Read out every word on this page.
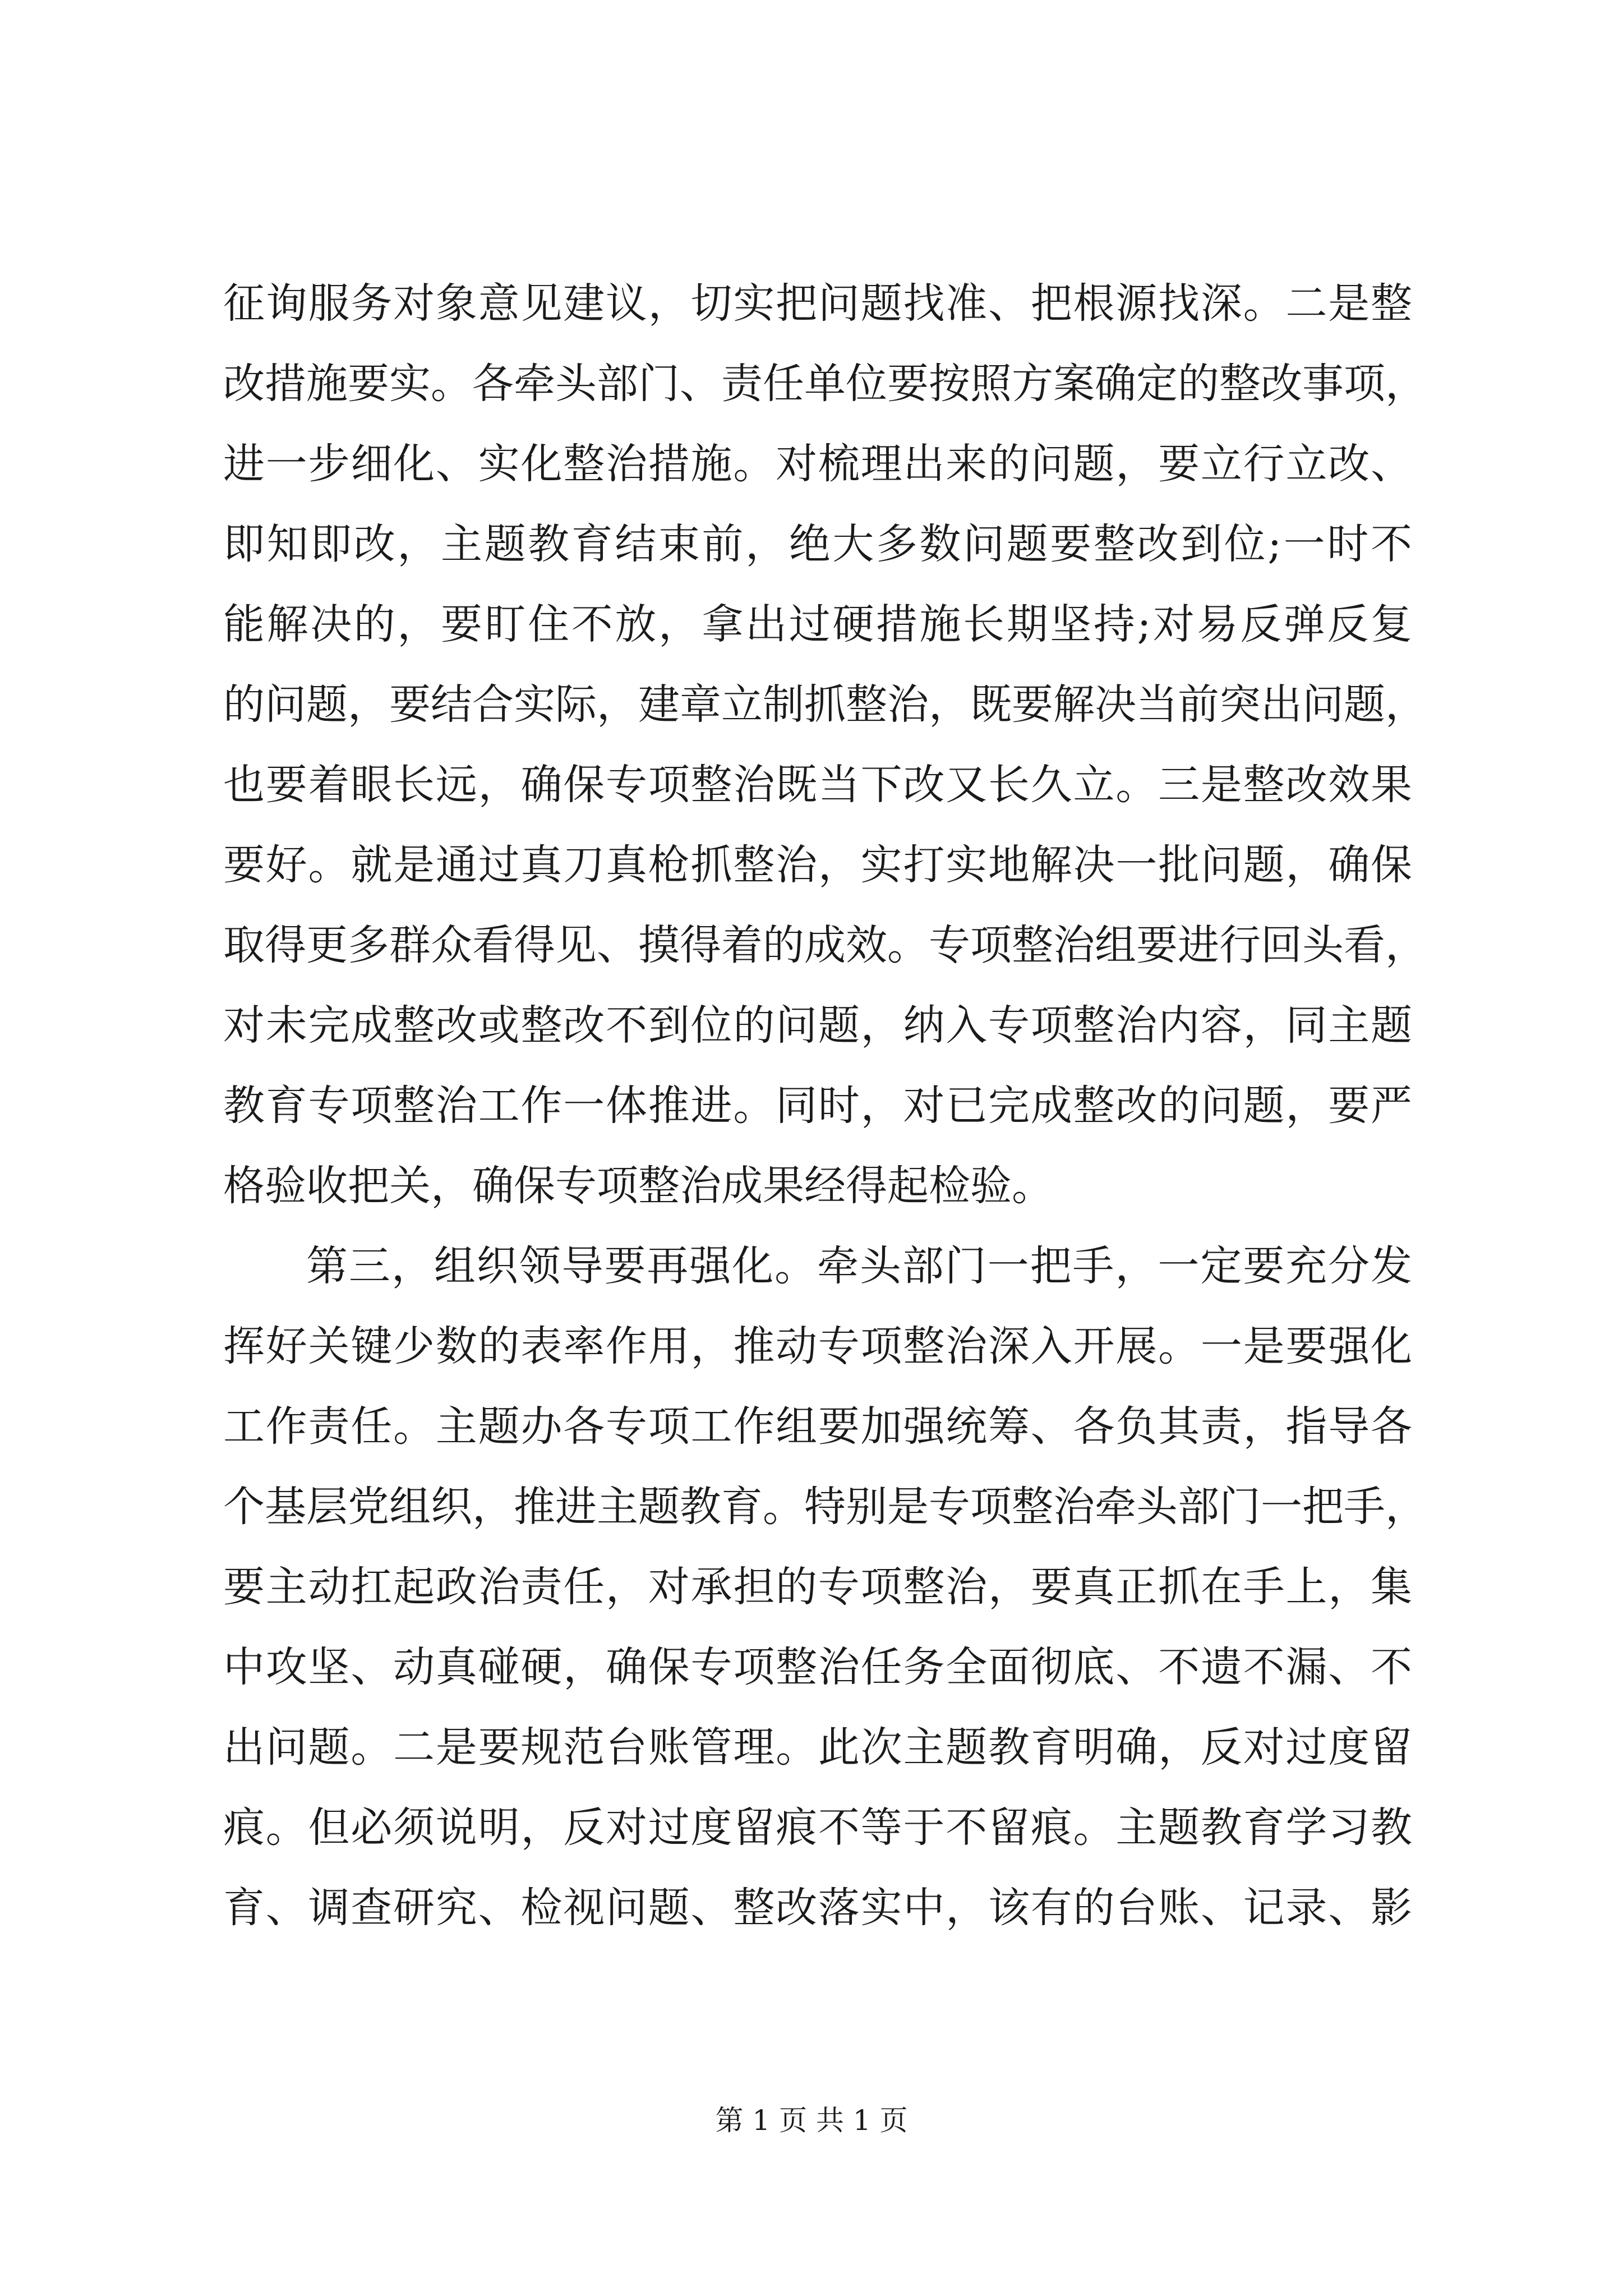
征询服务对象意见建议，切实把问题找准、把根源找深。二是整
改措施要实。各牵头部门、责任单位要按照方案确定的整改事项，
进一步细化、实化整治措施。对梳理出来的问题，要立行立改、
即知即改，主题教育结束前，绝大多数问题要整改到位;一时不
能解决的，要盯住不放，拿出过硬措施长期坚持;对易反弹反复
的问题，要结合实际，建章立制抓整治，既要解决当前突出问题，
也要着眼长远，确保专项整治既当下改又长久立。三是整改效果
要好。就是通过真刀真枪抓整治，实打实地解决一批问题，确保
取得更多群众看得见、摸得着的成效。专项整治组要进行回头看，
对未完成整改或整改不到位的问题，纳入专项整治内容，同主题
教育专项整治工作一体推进。同时，对已完成整改的问题，要严
格验收把关，确保专项整治成果经得起检验。
第三，组织领导要再强化。牵头部门一把手，一定要充分发
挥好关键少数的表率作用，推动专项整治深入开展。一是要强化
工作责任。主题办各专项工作组要加强统筹、各负其责，指导各
个基层党组织，推进主题教育。特别是专项整治牵头部门一把手，
要主动扛起政治责任，对承担的专项整治，要真正抓在手上，集
中攻坚、动真碰硬，确保专项整治任务全面彻底、不遗不漏、不
出问题。二是要规范台账管理。此次主题教育明确，反对过度留
痕。但必须说明，反对过度留痕不等于不留痕。主题教育学习教
育、调查研究、检视问题、整改落实中，该有的台账、记录、影
第 1 页 共 1 页
